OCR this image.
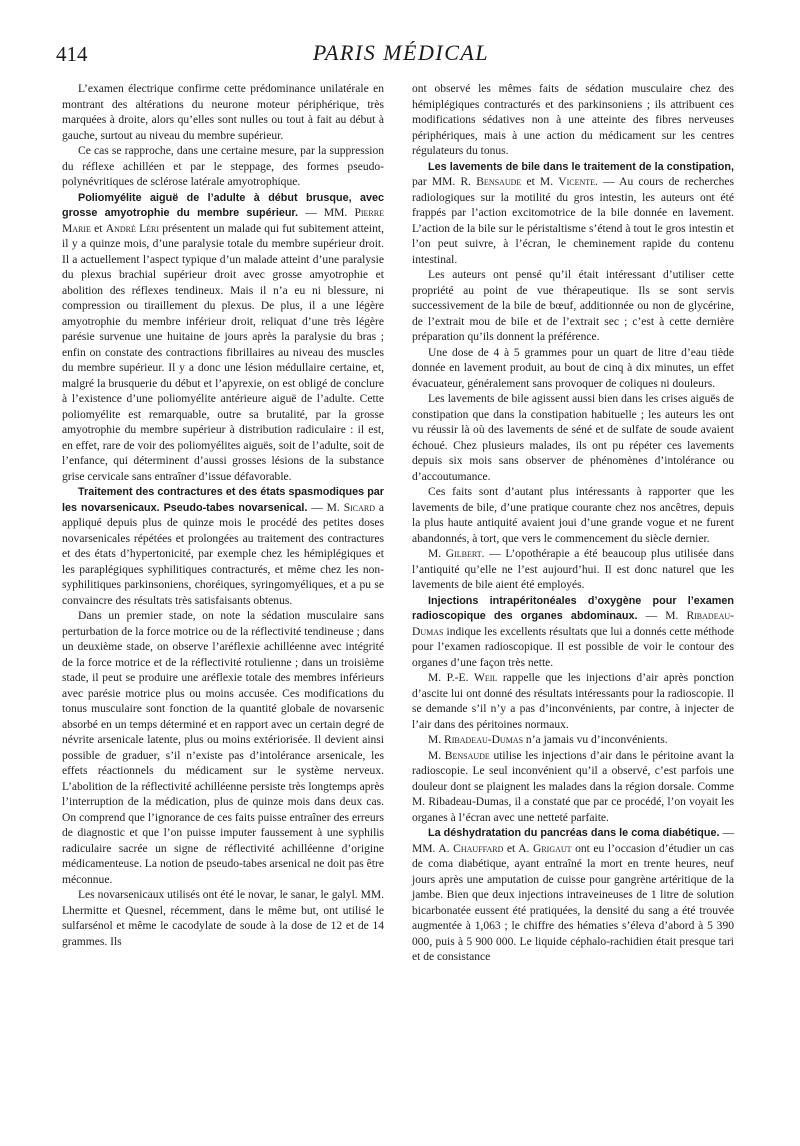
414	PARIS MÉDICAL

L’examen électrique confirme cette prédominance unilatérale en montrant des altérations du neurone moteur périphérique, très marquées à droite, alors qu’elles sont nulles ou tout à fait au début à gauche, surtout au niveau du membre supérieur.

Ce cas se rapproche, dans une certaine mesure, par la suppression du réflexe achilléen et par le steppage, des formes pseudo-polynévritiques de sclérose latérale amyotrophique.

Poliomyélite aiguë de l’adulte à début brusque, avec grosse amyotrophie du membre supérieur. — MM. Pierre Marie et André Léri présentent un malade qui fut subitement atteint, il y a quinze mois, d’une paralysie totale du membre supérieur droit. Il a actuellement l’aspect typique d’un malade atteint d’une paralysie du plexus brachial supérieur droit avec grosse amyotrophie et abolition des réflexes tendineux. Mais il n’a eu ni blessure, ni compression ou tiraillement du plexus. De plus, il a une légère amyotrophie du membre inférieur droit, reliquat d’une très légère parésie survenue une huitaine de jours après la paralysie du bras ; enfin on constate des contractions fibrillaires au niveau des muscles du membre supérieur. Il y a donc une lésion médullaire certaine, et, malgré la brusquerie du début et l’apyrexie, on est obligé de conclure à l’existence d’une poliomyélite antérieure aiguë de l’adulte. Cette poliomyélite est remarquable, outre sa brutalité, par la grosse amyotrophie du membre supérieur à distribution radiculaire : il est, en effet, rare de voir des poliomyélites aiguës, soit de l’adulte, soit de l’enfance, qui déterminent d’aussi grosses lésions de la substance grise cervicale sans entraîner d’issue défavorable.

Traitement des contractures et des états spasmodiques par les novarsenicaux. Pseudo-tabes novarsenical. — M. Sicard a appliqué depuis plus de quinze mois le procédé des petites doses novarsenicales répétées et prolongées au traitement des contractures et des états d’hypertonicité, par exemple chez les hémiplégiques et les paraplégiques syphilitiques contracturés, et même chez les non-syphilitiques parkinsoniens, choréiques, syringomyéliques, et a pu se convaincre des résultats très satisfaisants obtenus.

Dans un premier stade, on note la sédation musculaire sans perturbation de la force motrice ou de la réflectivité tendineuse ; dans un deuxième stade, on observe l’aréflexie achilléenne avec intégrité de la force motrice et de la réflectivité rotulienne ; dans un troisième stade, il peut se produire une aréflexie totale des membres inférieurs avec parésie motrice plus ou moins accusée. Ces modifications du tonus musculaire sont fonction de la quantité globale de novarsenic absorbé en un temps déterminé et en rapport avec un certain degré de névrite arsenicale latente, plus ou moins extériorisée. Il devient ainsi possible de graduer, s’il n’existe pas d’intolérance arsenicale, les effets réactionnels du médicament sur le système nerveux. L’abolition de la réflectivité achilléenne persiste très longtemps après l’interruption de la médication, plus de quinze mois dans deux cas. On comprend que l’ignorance de ces faits puisse entraîner des erreurs de diagnostic et que l’on puisse imputer faussement à une syphilis radiculaire sacrée un signe de réflectivité achilléenne d’origine médicamenteuse. La notion de pseudo-tabes arsenical ne doit pas être méconnue.

Les novarsenicaux utilisés ont été le novar, le sanar, le galyl. MM. Lhermitte et Quesnel, récemment, dans le même but, ont utilisé le sulfarsénol et même le cacodylate de soude à la dose de 12 et de 14 grammes. Ils

ont observé les mêmes faits de sédation musculaire chez des hémiplégiques contracturés et des parkinsoniens ; ils attribuent ces modifications sédatives non à une atteinte des fibres nerveuses périphériques, mais à une action du médicament sur les centres régulateurs du tonus.

Les lavements de bile dans le traitement de la constipation, par MM. R. Bensaude et M. Vicente. — Au cours de recherches radiologiques sur la motilité du gros intestin, les auteurs ont été frappés par l’action excitomotrice de la bile donnée en lavement. L’action de la bile sur le péristaltisme s’étend à tout le gros intestin et l’on peut suivre, à l’écran, le cheminement rapide du contenu intestinal.

Les auteurs ont pensé qu’il était intéressant d’utiliser cette propriété au point de vue thérapeutique. Ils se sont servis successivement de la bile de bœuf, additionnée ou non de glycérine, de l’extrait mou de bile et de l’extrait sec ; c’est à cette dernière préparation qu’ils donnent la préférence.

Une dose de 4 à 5 grammes pour un quart de litre d’eau tiède donnée en lavement produit, au bout de cinq à dix minutes, un effet évacuateur, généralement sans provoquer de coliques ni douleurs.

Les lavements de bile agissent aussi bien dans les crises aiguës de constipation que dans la constipation habituelle ; les auteurs les ont vu réussir là où des lavements de séné et de sulfate de soude avaient échoué. Chez plusieurs malades, ils ont pu répéter ces lavements depuis six mois sans observer de phénomènes d’intolérance ou d’accoutumance.

Ces faits sont d’autant plus intéressants à rapporter que les lavements de bile, d’une pratique courante chez nos ancêtres, depuis la plus haute antiquité avaient joui d’une grande vogue et ne furent abandonnés, à tort, que vers le commencement du siècle dernier.

M. Gilbert. — L’opothérapie a été beaucoup plus utilisée dans l’antiquité qu’elle ne l’est aujourd’hui. Il est donc naturel que les lavements de bile aient été employés.

Injections intrapéritonéales d’oxygène pour l’examen radioscopique des organes abdominaux. — M. Ribadeau-Dumas indique les excellents résultats que lui a donnés cette méthode pour l’examen radioscopique. Il est possible de voir le contour des organes d’une façon très nette.

M. P.-E. Weil rappelle que les injections d’air après ponction d’ascite lui ont donné des résultats intéressants pour la radioscopie. Il se demande s’il n’y a pas d’inconvénients, par contre, à injecter de l’air dans des péritoines normaux.

M. Ribadeau-Dumas n’a jamais vu d’inconvénients.

M. Bensaude utilise les injections d’air dans le péritoine avant la radioscopie. Le seul inconvénient qu’il a observé, c’est parfois une douleur dont se plaignent les malades dans la région dorsale. Comme M. Ribadeau-Dumas, il a constaté que par ce procédé, l’on voyait les organes à l’écran avec une netteté parfaite.

La déshydratation du pancréas dans le coma diabétique. — MM. A. Chauffard et A. Grigaut ont eu l’occasion d’étudier un cas de coma diabétique, ayant entraîné la mort en trente heures, neuf jours après une amputation de cuisse pour gangrène artéritique de la jambe. Bien que deux injections intraveineuses de 1 litre de solution bicarbonatée eussent été pratiquées, la densité du sang a été trouvée augmentée à 1,063 ; le chiffre des hématies s’éleva d’abord à 5 390 000, puis à 5 900 000. Le liquide céphalo-rachidien était presque tari et de consistance
